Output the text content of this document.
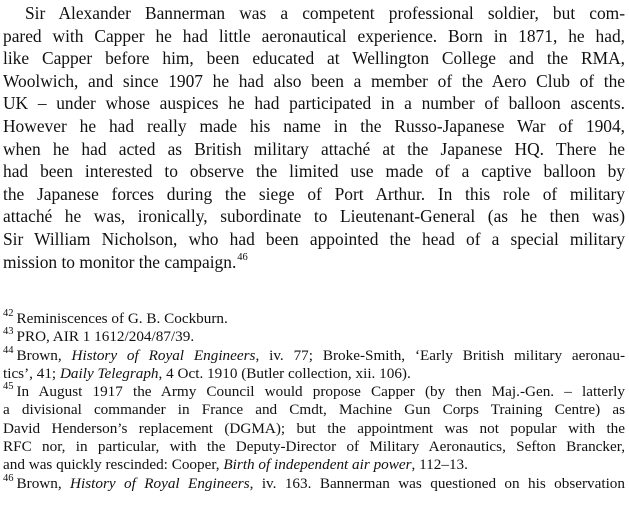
Sir Alexander Bannerman was a competent professional soldier, but com-
pared with Capper he had little aeronautical experience. Born in 1871, he had,
like Capper before him, been educated at Wellington College and the RMA,
Woolwich, and since 1907 he had also been a member of the Aero Club of the
UK – under whose auspices he had participated in a number of balloon ascents.
However he had really made his name in the Russo-Japanese War of 1904,
when he had acted as British military attaché at the Japanese HQ. There he
had been interested to observe the limited use made of a captive balloon by
the Japanese forces during the siege of Port Arthur. In this role of military
attaché he was, ironically, subordinate to Lieutenant-General (as he then was)
Sir William Nicholson, who had been appointed the head of a special military
mission to monitor the campaign.$^{46}$
$^{42}$ Reminiscences of G. B. Cockburn.
$^{43}$ PRO, AIR 1 1612/204/87/39.
$^{44}$ Brown, History of Royal Engineers, iv. 77; Broke-Smith, ‘Early British military aeronau-
tics’, 41; Daily Telegraph, 4 Oct. 1910 (Butler collection, xii. 106).
$^{45}$ In August 1917 the Army Council would propose Capper (by then Maj.-Gen. – latterly
a divisional commander in France and Cmdt, Machine Gun Corps Training Centre) as
David Henderson’s replacement (DGMA); but the appointment was not popular with the
RFC nor, in particular, with the Deputy-Director of Military Aeronautics, Sefton Brancker,
and was quickly rescinded: Cooper, Birth of independent air power, 112–13.
$^{46}$ Brown, History of Royal Engineers, iv. 163. Bannerman was questioned on his observation
